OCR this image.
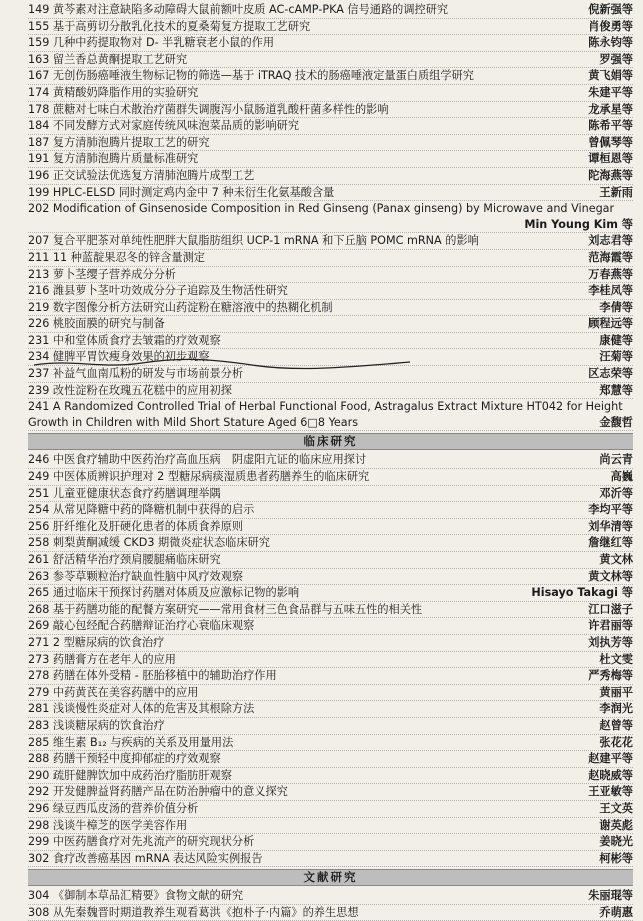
149 黄芩素对注意缺陷多动障碍大鼠前额叶皮质 AC-cAMP-PKA 信号通路的调控研究	倪新强等
155 基于高剪切分散乳化技术的夏桑菊复方提取工艺研究	肖俊勇等
159 几种中药提取物对 D- 半乳糖衰老小鼠的作用	陈永钧等
163 留兰香总黄酮提取工艺研究	罗强等
167 无创伤肠癌唾液生物标记物的筛选—基于 iTRAQ 技术的肠癌唾液定量蛋白质组学研究	黄飞娟等
174 黄精酸奶降脂作用的实验研究	朱建平等
178 蔗糖对七味白术散治疗菌群失调腹泻小鼠肠道乳酸杆菌多样性的影响	龙承星等
184 不同发酵方式对家庭传统风味泡菜品质的影响研究	陈希平等
187 复方清肺泡腾片提取工艺的研究	曾佩琴等
191 复方清肺泡腾片质量标准研究	谭桓恩等
196 正交试验法优选复方清肺泡腾片成型工艺	陀海燕等
199 HPLC-ELSD 同时测定鸡内金中 7 种未衍生化氨基酸含量	王新雨
202 Modification of Ginsenoside Composition in Red Ginseng (Panax ginseng) by Microwave and Vinegar
Min Young Kim 等
207 复合平肥茶对单纯性肥胖大鼠脂肪组织 UCP-1 mRNA 和下丘脑 POMC mRNA 的影响	刘志君等
211 11 种蓝靛果忍冬的锌含量测定	范海霞等
213 萝卜茎缨子营养成分分析	万春燕等
216 潍县萝卜茎叶功效成分分子追踪及生物活性研究	李桂凤等
219 数字图像分析方法研究山药淀粉在糖溶液中的热糊化机制	李倩等
226 桃胶面膜的研究与制备	顾程远等
231 中和堂体质食疗去皱霜的疗效观察	康健等
234 健脾平胃饮瘦身效果的初步观察	汪菊等
237 补益气血南瓜粉的研发与市场前景分析	区志荣等
239 改性淀粉在玫瑰五花糕中的应用初探	郑慧等
241 A Randomized Controlled Trial of Herbal Functional Food, Astragalus Extract Mixture HT042 for Height
Growth in Children with Mild Short Stature Aged 6□8 Years	金馥哲
临床研究
246 中医食疗辅助中医药治疗高血压病　阴虚阳亢证的临床应用探讨	尚云青
249 中医体质辨识护理对 2 型糖尿病痰湿质患者药膳养生的临床研究	高巍
251 儿童亚健康状态食疗药膳调理举隅	邓沂等
254 从常见降糖中药的降糖机制中获得的启示	李均平等
256 肝纤维化及肝硬化患者的体质食养原则	刘华清等
258 刺梨黄酮减缓 CKD3 期微炎症状态临床研究	詹继红等
261 舒活精华治疗颈肩腰腿痛临床研究	黄文林
263 参苓草颗粒治疗缺血性脑中风疗效观察	黄文林等
265 通过临床干预探讨药膳对体质及应激标记物的影响	Hisayo Takagi 等
268 基于药膳功能的配餐方案研究——常用食材三色食品群与五味五性的相关性	江口滋子
269 敲心包经配合药膳辩证治疗心衰临床观察	许君丽等
271 2 型糖尿病的饮食治疗	刘执芳等
273 药膳膏方在老年人的应用	杜文雯
278 药膳在体外受精 - 胚胎移植中的辅助治疗作用	严秀梅等
279 中药黄芪在美容药膳中的应用	黄丽平
281 浅谈慢性炎症对人体的危害及其根除方法	李润光
283 浅谈糖尿病的饮食治疗	赵曾等
285 维生素 B₁₂ 与疾病的关系及用量用法	张花花
288 药膳干预轻中度抑郁症的疗效观察	赵建平等
290 疏肝健脾饮加中成药治疗脂肪肝观察	赵晓威等
292 开发健脾益肾药膳产品在防治肿瘤中的意义探究	王亚敏等
296 绿豆西瓜皮汤的营养价值分析	王文英
298 浅谈牛樟芝的医学美容作用	谢英彪
299 中医药膳食疗对先兆流产的研究现状分析	姜晓光
302 食疗改善癌基因 mRNA 表达风险实例报告	柯彬等
文献研究
304 《御制本草品汇精要》食物文献的研究	朱丽琨等
308 从先秦魏晋时期道教养生观看葛洪《抱朴子·内篇》的养生思想	乔萌惠
